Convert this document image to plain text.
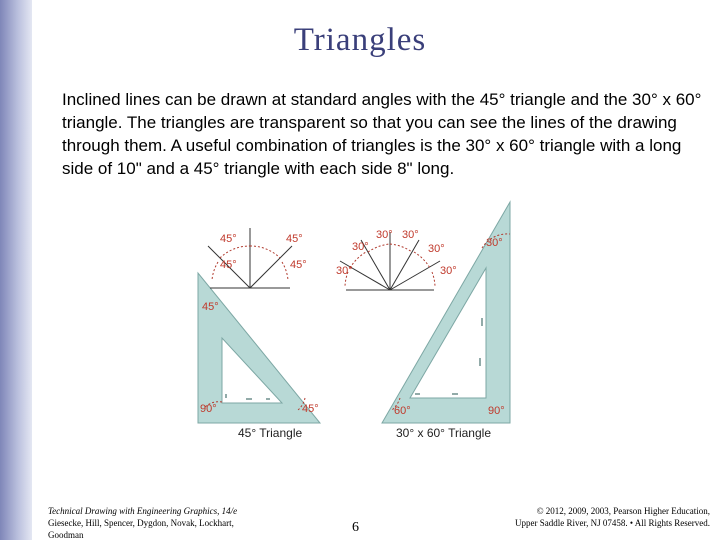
Triangles
Inclined lines can be drawn at standard angles with the 45° triangle and the 30° x 60° triangle. The triangles are transparent so that you can see the lines of the drawing through them. A useful combination of triangles is the 30° x 60° triangle with a long side of 10" and a 45° triangle with each side 8" long.
45°	45°
45°	45°
30°
30°
30°
30°
30°	30°
30°
45°
90°	45°	60°	90°
45° Triangle	30° x 60° Triangle
Technical Drawing with Engineering Graphics, 14/e
Giesecke, Hill, Spencer, Dygdon, Novak, Lockhart,
Goodman	6
© 2012, 2009, 2003, Pearson Higher Education,
Upper Saddle River, NJ 07458. • All Rights Reserved.
